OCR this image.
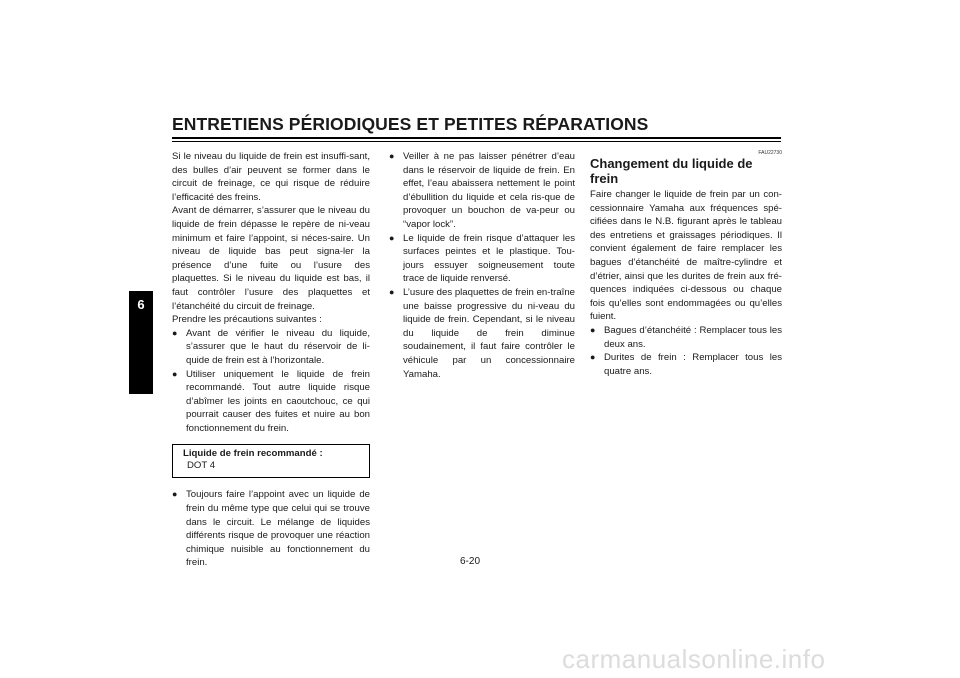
ENTRETIENS PÉRIODIQUES ET PETITES RÉPARATIONS
6

Si le niveau du liquide de frein est insuffi-sant, des bulles d’air peuvent se former dans le circuit de freinage, ce qui risque de réduire l’efficacité des freins.

Avant de démarrer, s’assurer que le niveau du liquide de frein dépasse le repère de ni-veau minimum et faire l’appoint, si néces-saire. Un niveau de liquide bas peut signa-ler la présence d’une fuite ou l’usure des plaquettes. Si le niveau du liquide est bas, il faut contrôler l’usure des plaquettes et l’étanchéité du circuit de freinage.

Prendre les précautions suivantes :

● Avant de vérifier le niveau du liquide, s’assurer que le haut du réservoir de li-quide de frein est à l’horizontale.

● Utiliser uniquement le liquide de frein recommandé. Tout autre liquide risque d’abîmer les joints en caoutchouc, ce qui pourrait causer des fuites et nuire au bon fonctionnement du frein.

Liquide de frein recommandé :
DOT 4

● Toujours faire l’appoint avec un liquide de frein du même type que celui qui se trouve dans le circuit. Le mélange de liquides différents risque de provoquer une réaction chimique nuisible au fonctionnement du frein.

● Veiller à ne pas laisser pénétrer d’eau dans le réservoir de liquide de frein. En effet, l’eau abaissera nettement le point d’ébullition du liquide et cela ris-que de provoquer un bouchon de va-peur ou “vapor lock”.

● Le liquide de frein risque d’attaquer les surfaces peintes et le plastique. Tou-jours essuyer soigneusement toute trace de liquide renversé.

● L’usure des plaquettes de frein en-traîne une baisse progressive du ni-veau du liquide de frein. Cependant, si le niveau du liquide de frein diminue soudainement, il faut faire contrôler le véhicule par un concessionnaire Yamaha.

FAU22730
Changement du liquide de frein

Faire changer le liquide de frein par un con-cessionnaire Yamaha aux fréquences spé-cifiées dans le N.B. figurant après le tableau des entretiens et graissages périodiques. Il convient également de faire remplacer les bagues d’étanchéité de maître-cylindre et d’étrier, ainsi que les durites de frein aux fré-quences indiquées ci-dessous ou chaque fois qu’elles sont endommagées ou qu’elles fuient.

● Bagues d’étanchéité : Remplacer tous les deux ans.

● Durites de frein : Remplacer tous les quatre ans.

6-20
carmanualsonline.info
